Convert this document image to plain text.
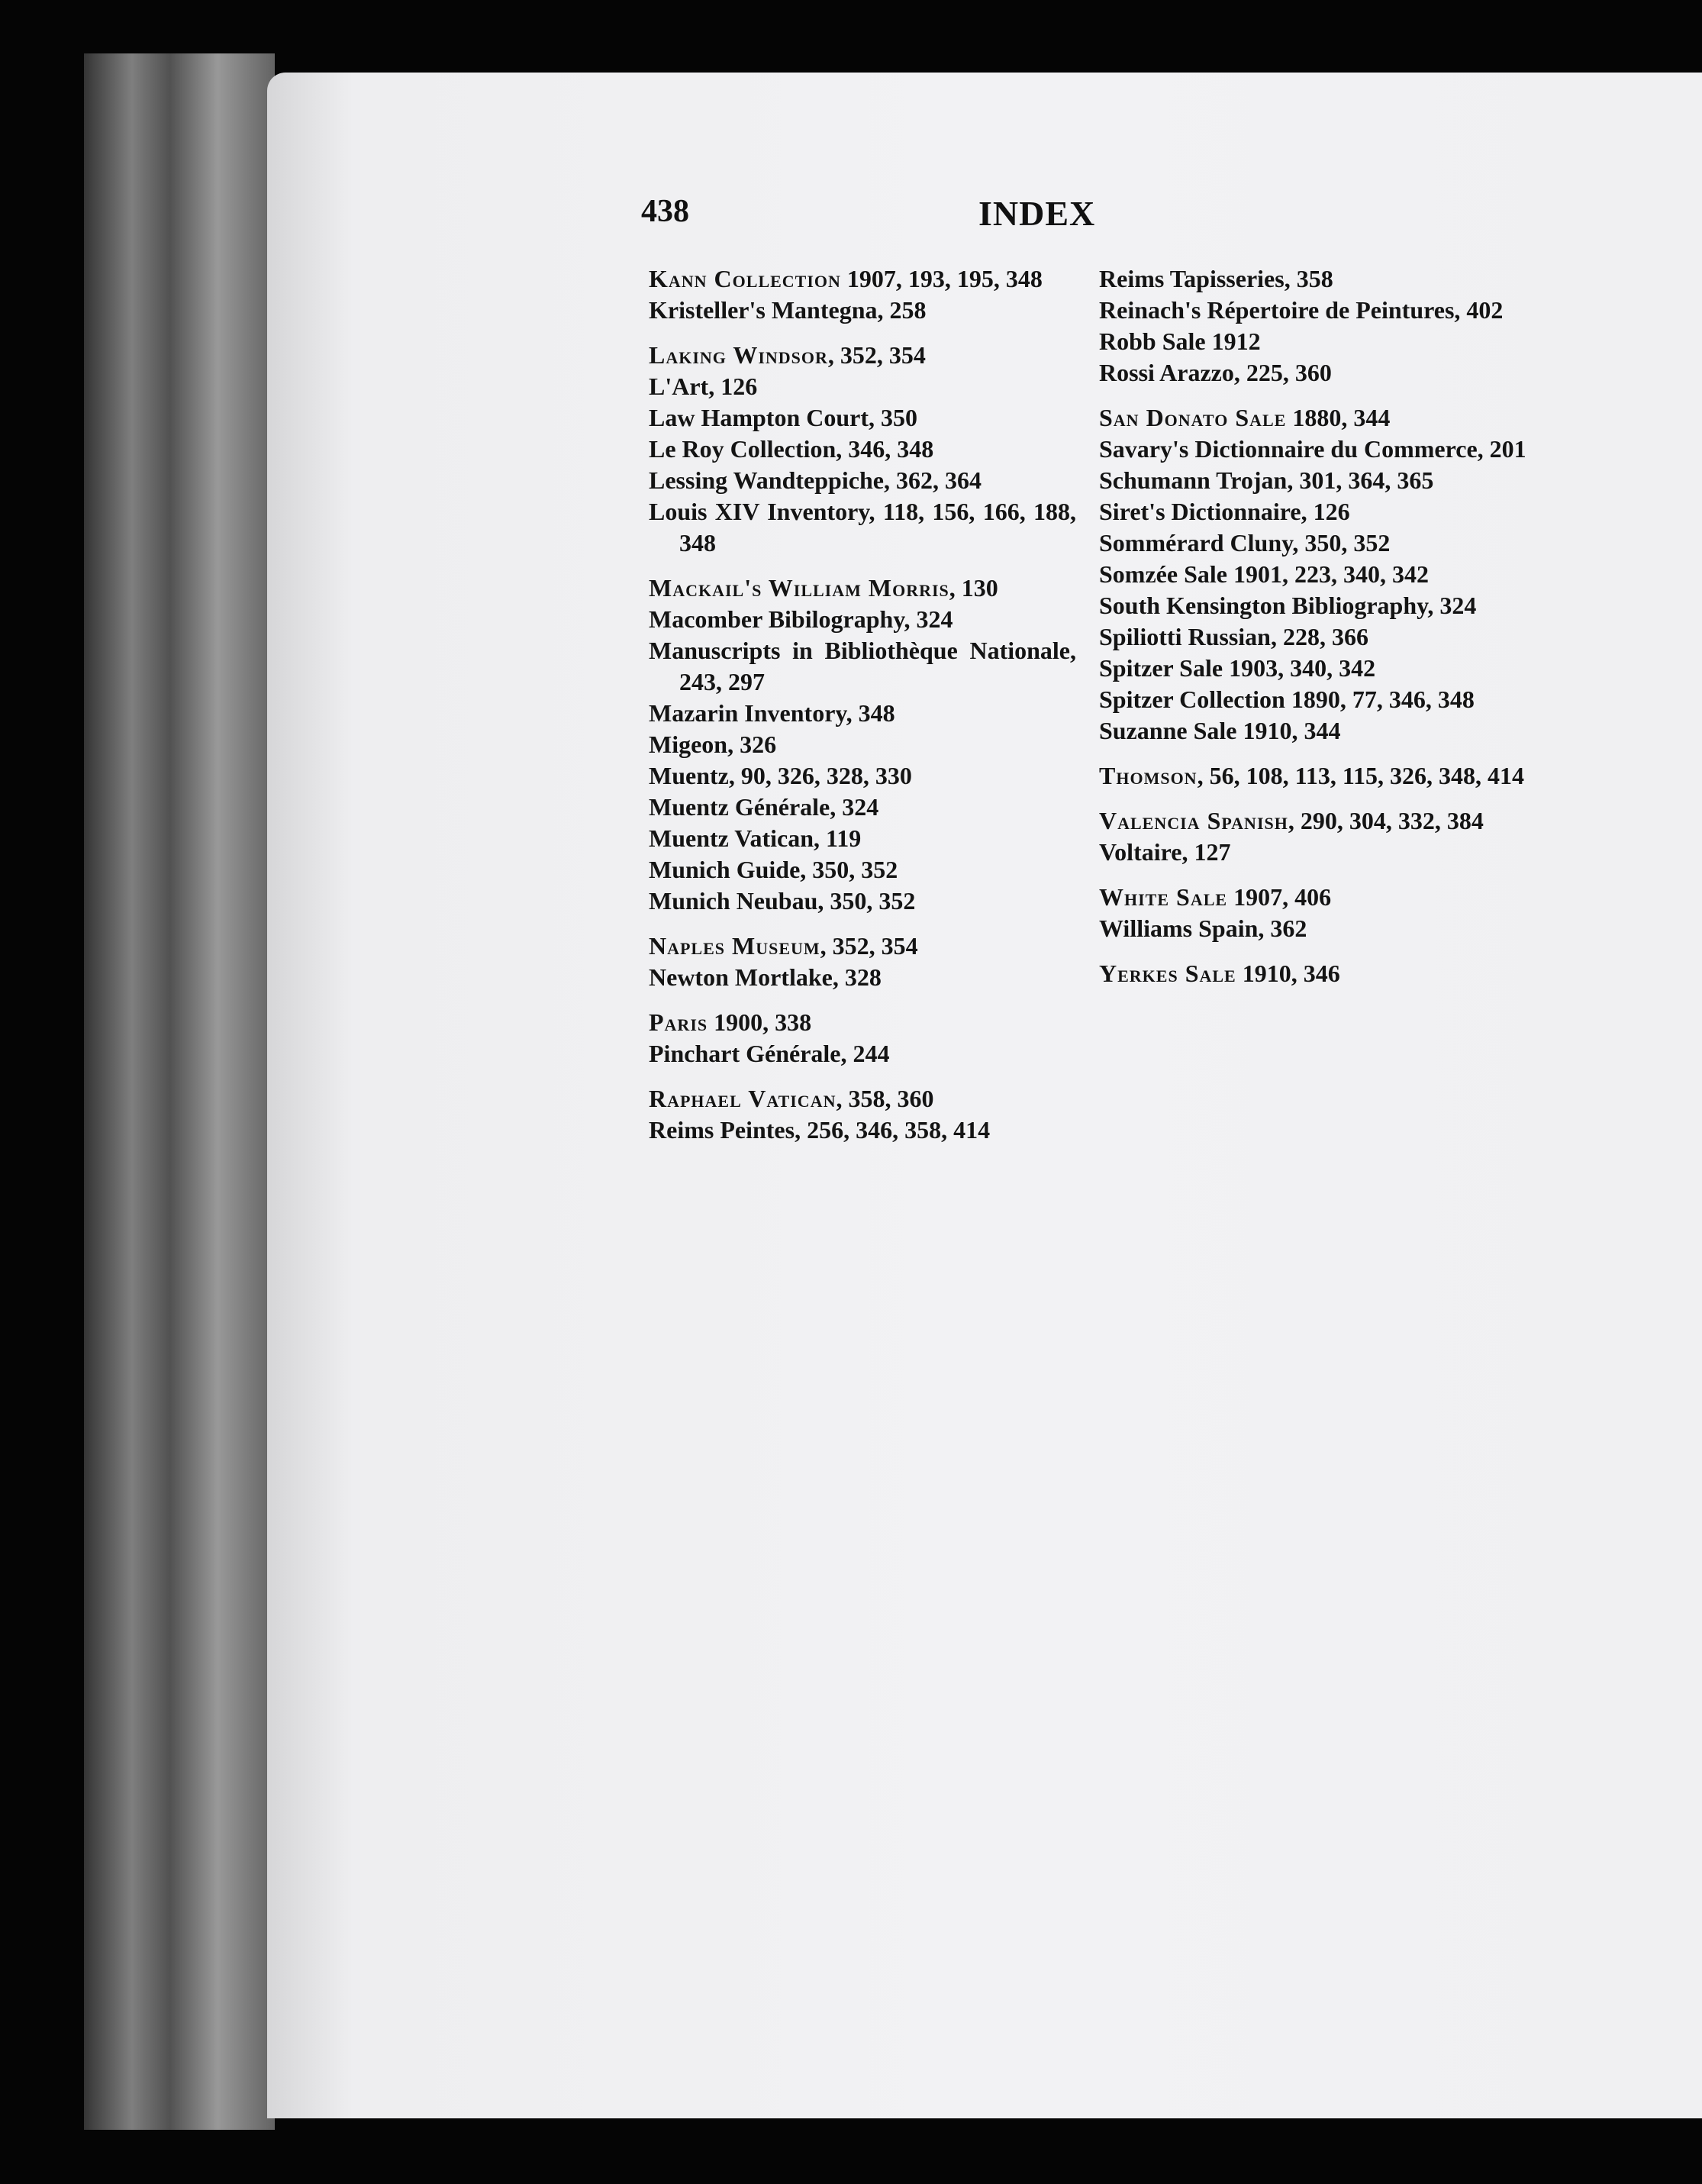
438	INDEX
Kann Collection 1907, 193, 195, 348
Kristeller's Mantegna, 258
Laking Windsor, 352, 354
L'Art, 126
Law Hampton Court, 350
Le Roy Collection, 346, 348
Lessing Wandteppiche, 362, 364
Louis XIV Inventory, 118, 156, 166, 188, 348
Mackail's William Morris, 130
Macomber Bibilography, 324
Manuscripts in Bibliothèque Nationale, 243, 297
Mazarin Inventory, 348
Migeon, 326
Muentz, 90, 326, 328, 330
Muentz Générale, 324
Muentz Vatican, 119
Munich Guide, 350, 352
Munich Neubau, 350, 352
Naples Museum, 352, 354
Newton Mortlake, 328
Paris 1900, 338
Pinchart Générale, 244
Raphael Vatican, 358, 360
Reims Peintes, 256, 346, 358, 414
Reims Tapisseries, 358
Reinach's Répertoire de Peintures, 402
Robb Sale 1912
Rossi Arazzo, 225, 360
San Donato Sale 1880, 344
Savary's Dictionnaire du Commerce, 201
Schumann Trojan, 301, 364, 365
Siret's Dictionnaire, 126
Sommérard Cluny, 350, 352
Somzée Sale 1901, 223, 340, 342
South Kensington Bibliography, 324
Spiliotti Russian, 228, 366
Spitzer Sale 1903, 340, 342
Spitzer Collection 1890, 77, 346, 348
Suzanne Sale 1910, 344
Thomson, 56, 108, 113, 115, 326, 348, 414
Valencia Spanish, 290, 304, 332, 384
Voltaire, 127
White Sale 1907, 406
Williams Spain, 362
Yerkes Sale 1910, 346
